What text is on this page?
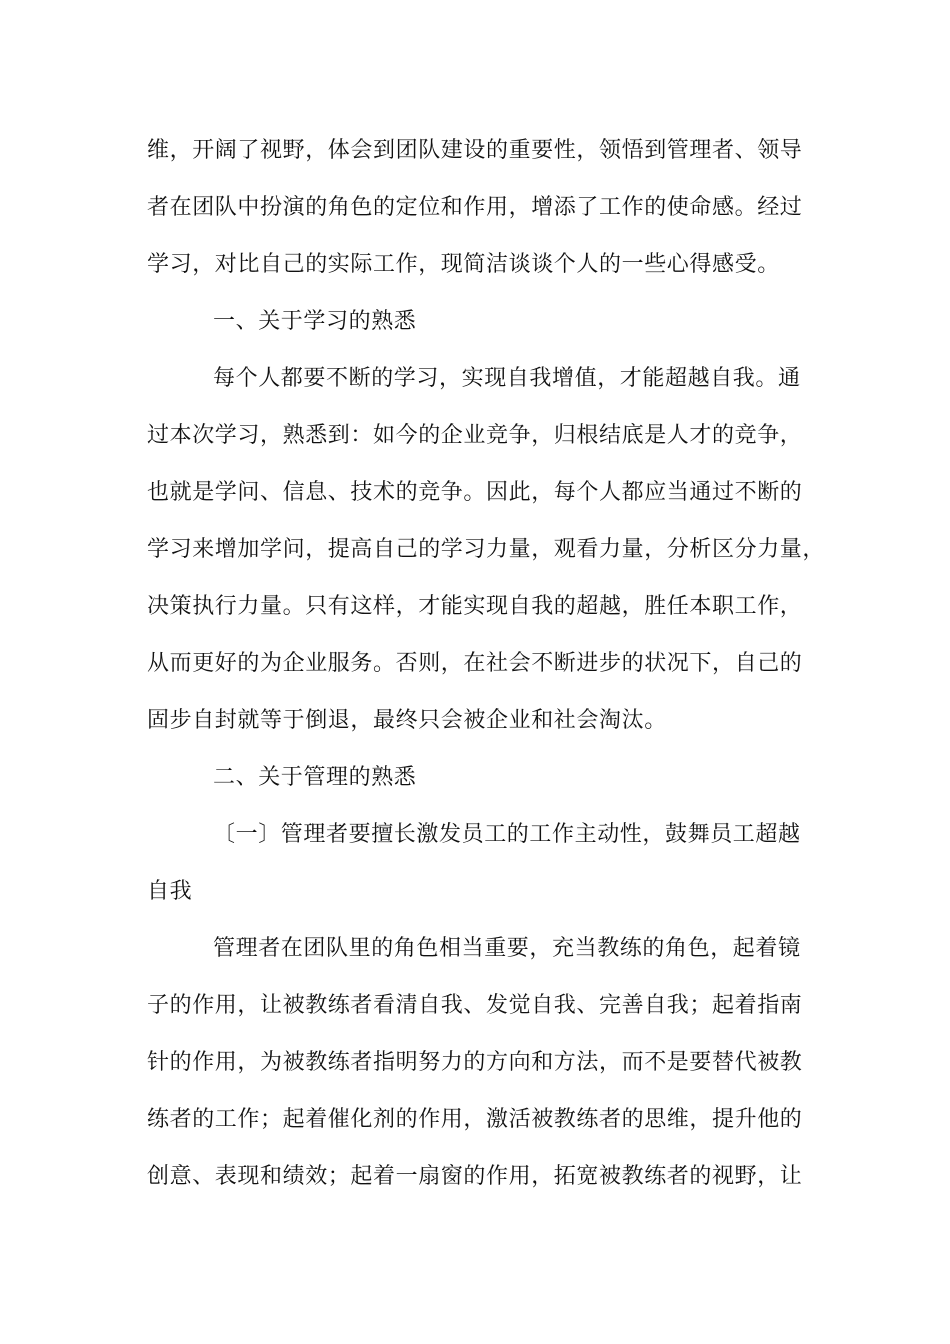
维，开阔了视野，体会到团队建设的重要性，领悟到管理者、领导
者在团队中扮演的角色的定位和作用，增添了工作的使命感。经过
学习，对比自己的实际工作，现简洁谈谈个人的一些心得感受。
一、关于学习的熟悉
每个人都要不断的学习，实现自我增值，才能超越自我。通
过本次学习，熟悉到：如今的企业竞争，归根结底是人才的竞争，
也就是学问、信息、技术的竞争。因此，每个人都应当通过不断的
学习来增加学问，提高自己的学习力量，观看力量，分析区分力量，
决策执行力量。只有这样，才能实现自我的超越，胜任本职工作，
从而更好的为企业服务。否则，在社会不断进步的状况下，自己的
固步自封就等于倒退，最终只会被企业和社会淘汰。
二、关于管理的熟悉
〔一〕管理者要擅长激发员工的工作主动性，鼓舞员工超越
自我
管理者在团队里的角色相当重要，充当教练的角色，起着镜
子的作用，让被教练者看清自我、发觉自我、完善自我；起着指南
针的作用，为被教练者指明努力的方向和方法，而不是要替代被教
练者的工作；起着催化剂的作用，激活被教练者的思维，提升他的
创意、表现和绩效；起着一扇窗的作用，拓宽被教练者的视野，让
